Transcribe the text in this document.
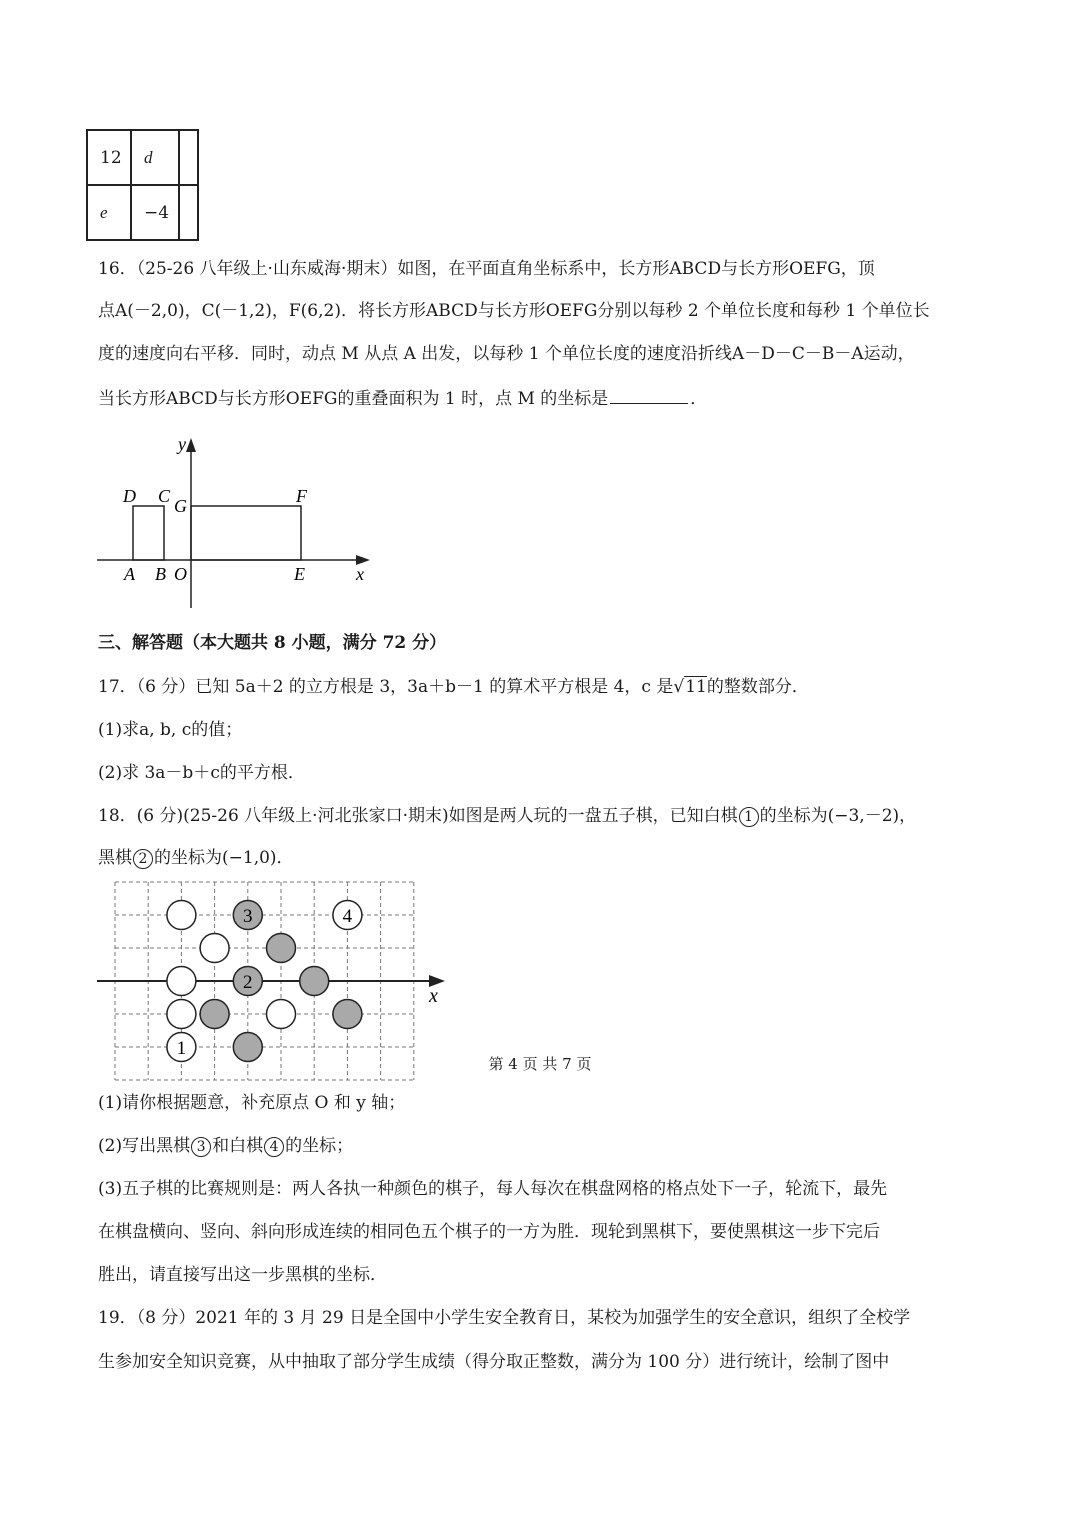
12	d	
e	−4	
16．（25-26 八年级上·山东威海·期末）如图，在平面直角坐标系中，长方形ABCD与长方形OEFG，顶
点A(－2,0)，C(－1,2)，F(6,2)．将长方形ABCD与长方形OEFG分别以每秒 2 个单位长度和每秒 1 个单位长
度的速度向右平移．同时，动点 M 从点 A 出发，以每秒 1 个单位长度的速度沿折线A－D－C－B－A运动，
当长方形ABCD与长方形OEFG的重叠面积为 1 时，点 M 的坐标是	．
y
x
D C G	F
A B O	E
三、解答题（本大题共 8 小题，满分 72 分）
17．（6 分）已知 5a＋2 的立方根是 3，3a＋b－1 的算术平方根是 4，c 是√11的整数部分．
(1)求a, b, c的值；
(2)求 3a－b＋c的平方根．
18．(6 分)(25-26 八年级上·河北张家口·期末)如图是两人玩的一盘五子棋，已知白棋 1 的坐标为(−3,－2)，
黑棋 2 的坐标为(−1,0)．
x
3	4
2
1
(1)请你根据题意，补充原点 O 和 y 轴；
(2)写出黑棋 3 和白棋 4 的坐标；
(3)五子棋的比赛规则是：两人各执一种颜色的棋子，每人每次在棋盘网格的格点处下一子，轮流下，最先
在棋盘横向、竖向、斜向形成连续的相同色五个棋子的一方为胜．现轮到黑棋下，要使黑棋这一步下完后
胜出，请直接写出这一步黑棋的坐标．
19．（8 分）2021 年的 3 月 29 日是全国中小学生安全教育日，某校为加强学生的安全意识，组织了全校学
生参加安全知识竞赛，从中抽取了部分学生成绩（得分取正整数，满分为 100 分）进行统计，绘制了图中
第 4 页 共 7 页
